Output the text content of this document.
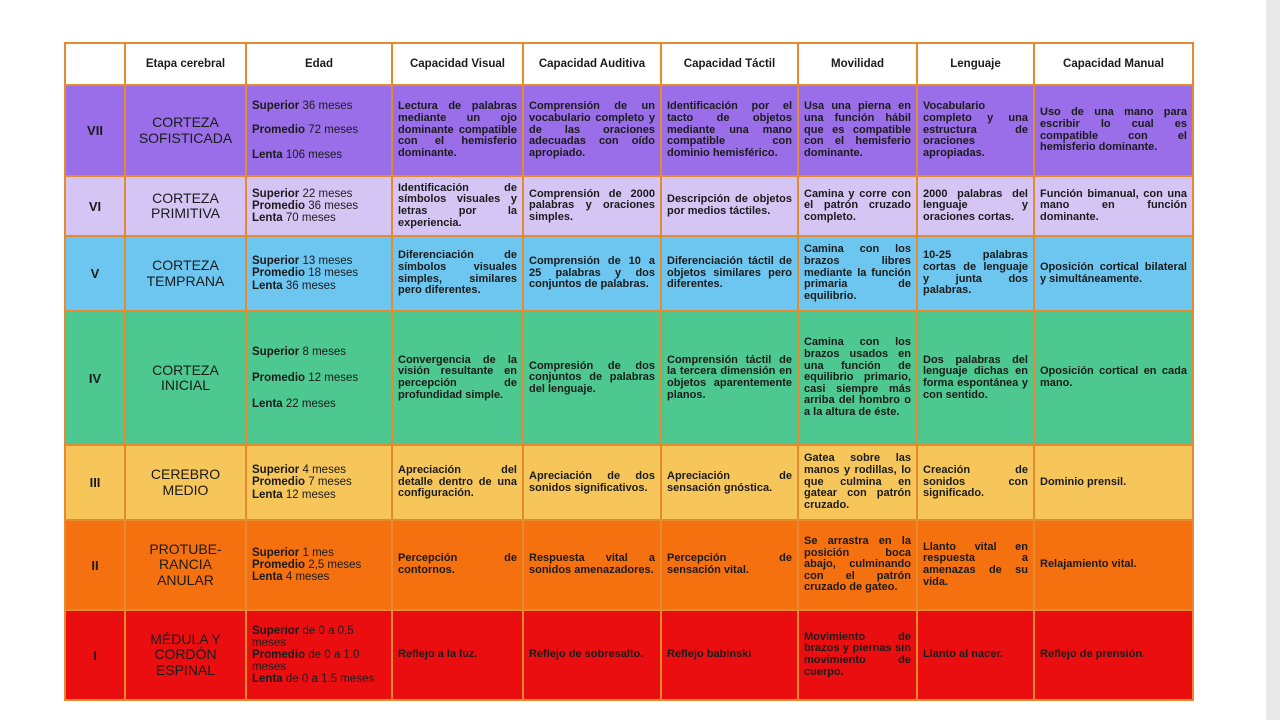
	Etapa cerebral	Edad	Capacidad Visual	Capacidad Auditiva	Capacidad Táctil	Movilidad	Lenguaje	Capacidad Manual
VII	CORTEZA SOFISTICADA	Superior 36 meses
Promedio 72 meses
Lenta 106 meses	Lectura de palabras mediante un ojo dominante compatible con el hemisferio dominante.	Comprensión de un vocabulario completo y de las oraciones adecuadas con oído apropiado.	Identificación por el tacto de objetos mediante una mano compatible con dominio hemisférico.	Usa una pierna en una función hábil que es compatible con el hemisferio dominante.	Vocabulario completo y una estructura de oraciones apropiadas.	Uso de una mano para escribir lo cual es compatible con el hemisferio dominante.
VI	CORTEZA PRIMITIVA	Superior 22 meses
Promedio 36 meses
Lenta 70 meses	Identificación de símbolos visuales y letras por la experiencia.	Comprensión de 2000 palabras y oraciones simples.	Descripción de objetos por medios táctiles.	Camina y corre con el patrón cruzado completo.	2000 palabras del lenguaje y oraciones cortas.	Función bimanual, con una mano en función dominante.
V	CORTEZA TEMPRANA	Superior 13 meses
Promedio 18 meses
Lenta 36 meses	Diferenciación de símbolos visuales simples, similares pero diferentes.	Comprensión de 10 a 25 palabras y dos conjuntos de palabras.	Diferenciación táctil de objetos similares pero diferentes.	Camina con los brazos libres mediante la función primaria de equilibrio.	10-25 palabras cortas de lenguaje y junta dos palabras.	Oposición cortical bilateral y simultáneamente.
IV	CORTEZA INICIAL	Superior 8 meses
Promedio 12 meses
Lenta 22 meses	Convergencia de la visión resultante en percepción de profundidad simple.	Compresión de dos conjuntos de palabras del lenguaje.	Comprensión táctil de la tercera dimensión en objetos aparentemente planos.	Camina con los brazos usados en una función de equilibrio primario, casi siempre más arriba del hombro o a la altura de éste.	Dos palabras del lenguaje dichas en forma espontánea y con sentido.	Oposición cortical en cada mano.
III	CEREBRO MEDIO	Superior 4 meses
Promedio 7 meses
Lenta 12 meses	Apreciación del detalle dentro de una configuración.	Apreciación de dos sonidos significativos.	Apreciación de sensación gnóstica.	Gatea sobre las manos y rodillas, lo que culmina en gatear con patrón cruzado.	Creación de sonidos con significado.	Dominio prensil.
II	PROTUBE-RANCIA ANULAR	Superior 1 mes
Promedio 2,5 meses
Lenta 4 meses	Percepción de contornos.	Respuesta vital a sonidos amenazadores.	Percepción de sensación vital.	Se arrastra en la posición boca abajo, culminando con el patrón cruzado de gateo.	Llanto vital en respuesta a amenazas de su vida.	Relajamiento vital.
I	MÉDULA Y CORDÓN ESPINAL	Superior de 0 a 0,5 meses
Promedio de 0 a 1.0 meses
Lenta de 0 a 1.5 meses	Reflejo a la luz.	Reflejo de sobresalto.	Reflejo babinski	Movimiento de brazos y piernas sin movimiento de cuerpo.	Llanto al nacer.	Reflejo de prensión.
